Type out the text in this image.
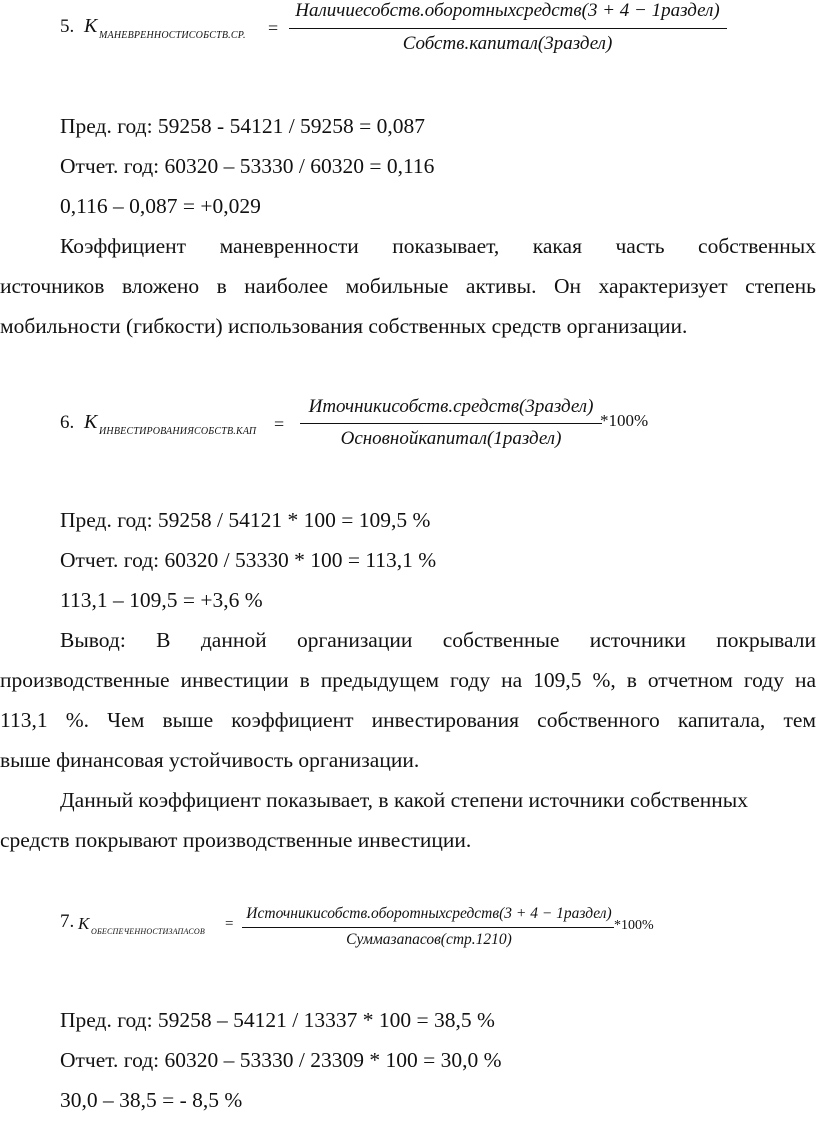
5. К МАНЕВРЕННОСТИСОБСТВ.СР. =
Наличиесобств.оборотныхсредств(3 + 4 − 1раздел)
Собств.капитал(3раздел)
Пред. год: 59258 - 54121 / 59258 = 0,087
Отчет. год: 60320 – 53330 / 60320 = 0,116
0,116 – 0,087 = +0,029
Коэффициент маневренности показывает, какая часть собственных
источников вложено в наиболее мобильные активы. Он характеризует степень
мобильности (гибкости) использования собственных средств организации.
6. К ИНВЕСТИРОВАНИЯСОБСТВ.КАП =
Иточникисобств.средств(3раздел)
Основнойкапитал(1раздел)
*100%
Пред. год: 59258 / 54121 * 100 = 109,5 %
Отчет. год: 60320 / 53330 * 100 = 113,1 %
113,1 – 109,5 = +3,6 %
Вывод: В данной организации собственные источники покрывали
производственные инвестиции в предыдущем году на 109,5 %, в отчетном году на
113,1 %. Чем выше коэффициент инвестирования собственного капитала, тем
выше финансовая устойчивость организации.
Данный коэффициент показывает, в какой степени источники собственных
средств покрывают производственные инвестиции.
7. К ОБЕСПЕЧЕННОСТИЗАПАСОВ =
Источникисобств.оборотныхсредств(3 + 4 − 1раздел)
Суммазапасов(стр.1210)
*100%
Пред. год: 59258 – 54121 / 13337 * 100 = 38,5 %
Отчет. год: 60320 – 53330 / 23309 * 100 = 30,0 %
30,0 – 38,5 = - 8,5 %
